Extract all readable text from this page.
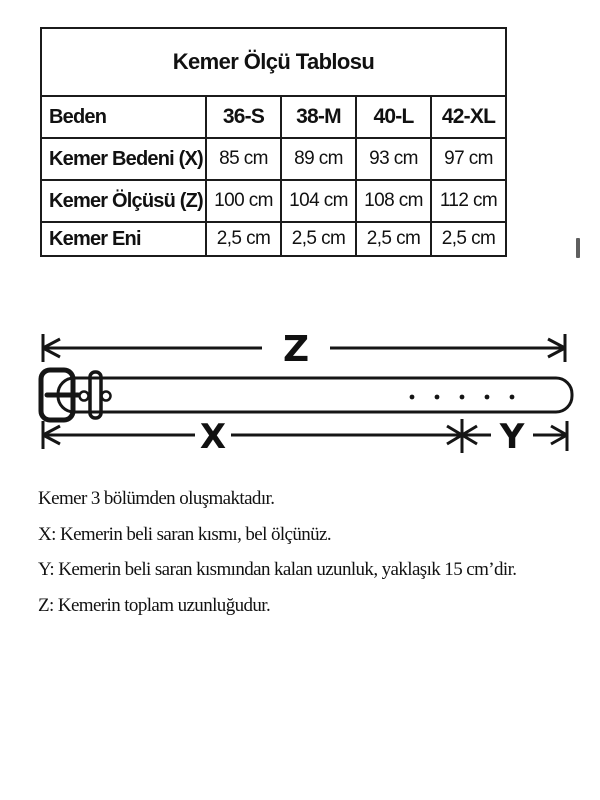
Kemer Ölçü Tablosu				
Beden	36-S	38-M	40-L	42-XL
Kemer Bedeni (X)	85 cm	89 cm	93 cm	97 cm
Kemer Ölçüsü (Z)	100 cm	104 cm	108 cm	112 cm
Kemer Eni	2,5 cm	2,5 cm	2,5 cm	2,5 cm
Z
X	Y
Kemer 3 bölümden oluşmaktadır.
X: Kemerin beli saran kısmı, bel ölçünüz.
Y: Kemerin beli saran kısmından kalan uzunluk, yaklaşık 15 cm’dir.
Z: Kemerin toplam uzunluğudur.
